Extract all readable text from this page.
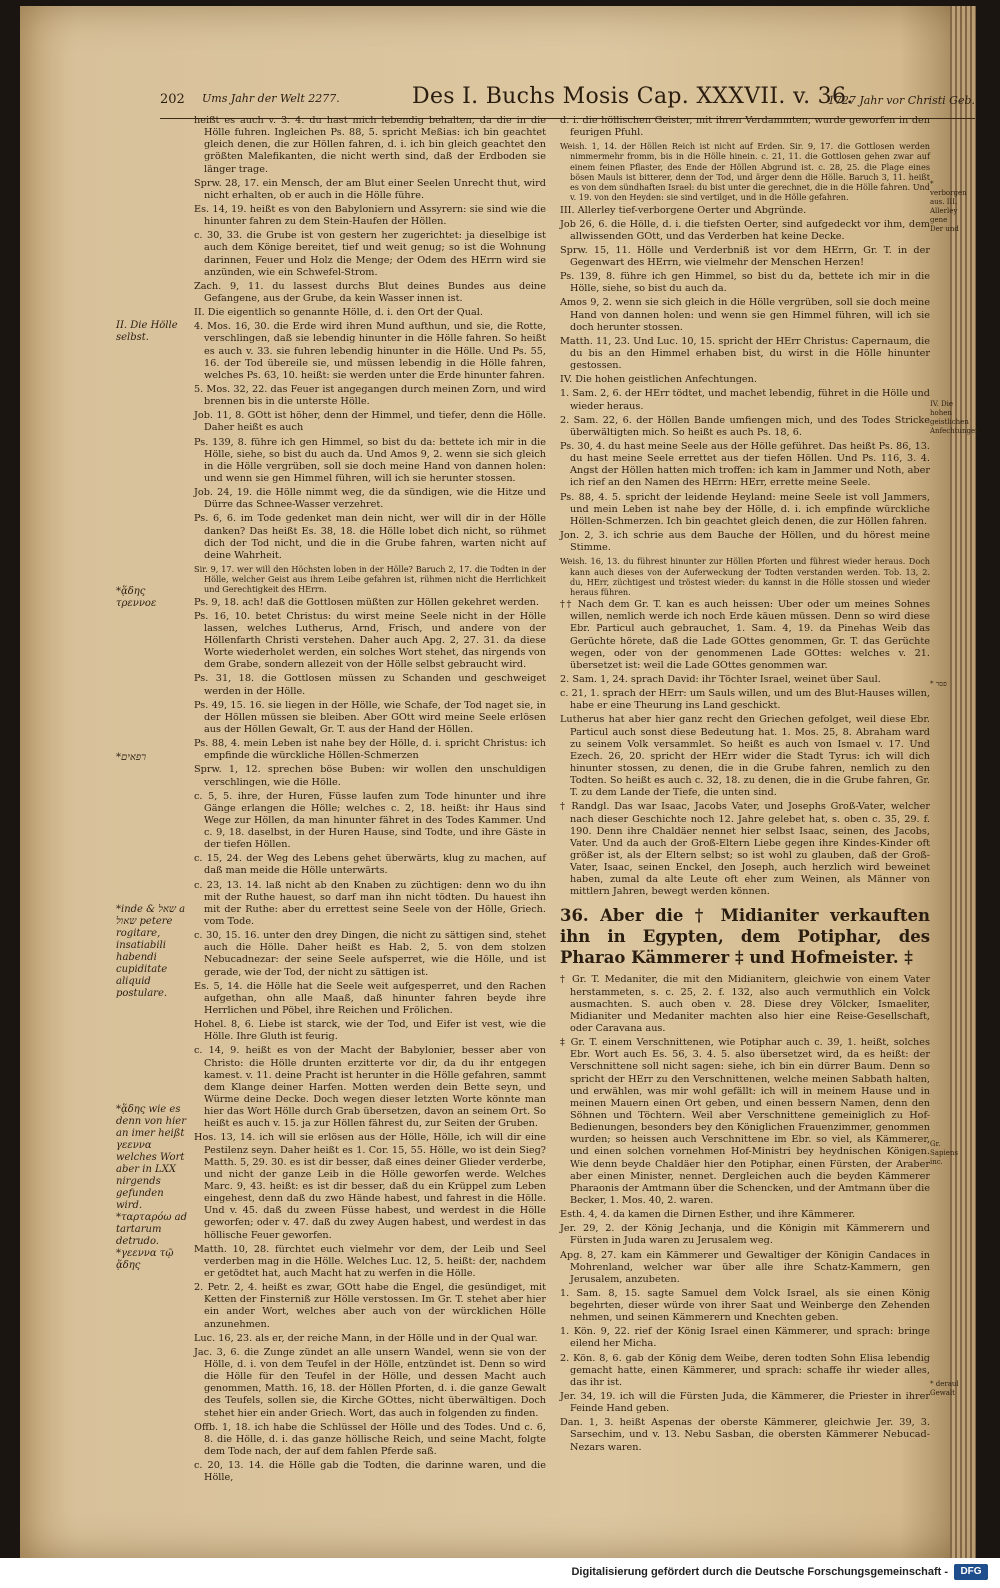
202 Ums Jahr der Welt 2277.	Des I. Buchs Mosis Cap. XXXVII. v. 36.
1727 Jahr vor Christi Geb.

heißt es auch v. 3. 4. du hast mich lebendig behalten, da die in die Hölle fuhren. Ingleichen Ps. 88, 5. spricht Meßias: ich bin geachtet gleich denen, die zur Höllen fahren, d. i. ich bin gleich geachtet den größten Malefikanten, die nicht werth sind, daß der Erdboden sie länger trage.

Sprw. 28, 17. ein Mensch, der am Blut einer Seelen Unrecht thut, wird nicht erhalten, ob er auch in die Hölle führe.

Es. 14, 19. heißt es von den Babyloniern und Assyrern: sie sind wie die hinunter fahren zu dem Stein-Haufen der Höllen.

c. 30, 33. die Grube ist von gestern her zugerichtet: ja dieselbige ist auch dem Könige bereitet, tief und weit genug; so ist die Wohnung darinnen, Feuer und Holz die Menge; der Odem des HErrn wird sie anzünden, wie ein Schwefel-Strom.

Zach. 9, 11. du lassest durchs Blut deines Bundes aus deine Gefangene, aus der Grube, da kein Wasser innen ist.

II. Die eigentlich so genannte Hölle, d. i. den Ort der Qual.

4. Mos. 16, 30. die Erde wird ihren Mund aufthun, und sie, die Rotte, verschlingen, daß sie lebendig hinunter in die Hölle fahren. So heißt es auch v. 33. sie fuhren lebendig hinunter in die Hölle. Und Ps. 55, 16. der Tod übereile sie, und müssen lebendig in die Hölle fahren, welches Ps. 63, 10. heißt: sie werden unter die Erde hinunter fahren.

5. Mos. 32, 22. das Feuer ist angegangen durch meinen Zorn, und wird brennen bis in die unterste Hölle.

Job. 11, 8. GOtt ist höher, denn der Himmel, und tiefer, denn die Hölle. Daher heißt es auch

Ps. 139, 8. führe ich gen Himmel, so bist du da: bettete ich mir in die Hölle, siehe, so bist du auch da. Und Amos 9, 2. wenn sie sich gleich in die Hölle vergrüben, soll sie doch meine Hand von dannen holen: und wenn sie gen Himmel führen, will ich sie herunter stossen.

Job. 24, 19. die Hölle nimmt weg, die da sündigen, wie die Hitze und Dürre das Schnee-Wasser verzehret.

Ps. 6, 6. im Tode gedenket man dein nicht, wer will dir in der Hölle danken? Das heißt Es. 38, 18. die Hölle lobet dich nicht, so rühmet dich der Tod nicht, und die in die Grube fahren, warten nicht auf deine Wahrheit.

Sir. 9, 17. wer will den Höchsten loben in der Hölle? Baruch 2, 17. die Todten in der Hölle, welcher Geist aus ihrem Leibe gefahren ist, rühmen nicht die Herrlichkeit und Gerechtigkeit des HErrn.

Ps. 9, 18. ach! daß die Gottlosen müßten zur Höllen gekehret werden.

Ps. 16, 10. betet Christus: du wirst meine Seele nicht in der Hölle lassen, welches Lutherus, Arnd, Frisch, und andere von der Höllenfarth Christi verstehen. Daher auch Apg. 2, 27. 31. da diese Worte wiederholet werden, ein solches Wort stehet, das nirgends von dem Grabe, sondern allezeit von der Hölle selbst gebraucht wird.

Ps. 31, 18. die Gottlosen müssen zu Schanden und geschweiget werden in der Hölle.

Ps. 49, 15. 16. sie liegen in der Hölle, wie Schafe, der Tod naget sie, in der Höllen müssen sie bleiben. Aber GOtt wird meine Seele erlösen aus der Höllen Gewalt, Gr. T. aus der Hand der Höllen.

Ps. 88, 4. mein Leben ist nahe bey der Hölle, d. i. spricht Christus: ich empfinde die würckliche Höllen-Schmerzen

Sprw. 1, 12. sprechen böse Buben: wir wollen den unschuldigen verschlingen, wie die Hölle.

c. 5, 5. ihre, der Huren, Füsse laufen zum Tode hinunter und ihre Gänge erlangen die Hölle; welches c. 2, 18. heißt: ihr Haus sind Wege zur Höllen, da man hinunter fähret in des Todes Kammer. Und c. 9, 18. daselbst, in der Huren Hause, sind Todte, und ihre Gäste in der tiefen Höllen.

c. 15, 24. der Weg des Lebens gehet überwärts, klug zu machen, auf daß man meide die Hölle unterwärts.

c. 23, 13. 14. laß nicht ab den Knaben zu züchtigen: denn wo du ihn mit der Ruthe hauest, so darf man ihn nicht tödten. Du hauest ihn mit der Ruthe: aber du errettest seine Seele von der Hölle, Griech. vom Tode.

c. 30, 15. 16. unter den drey Dingen, die nicht zu sättigen sind, stehet auch die Hölle. Daher heißt es Hab. 2, 5. von dem stolzen Nebucadnezar: der seine Seele aufsperret, wie die Hölle, und ist gerade, wie der Tod, der nicht zu sättigen ist.

Es. 5, 14. die Hölle hat die Seele weit aufgesperret, und den Rachen aufgethan, ohn alle Maaß, daß hinunter fahren beyde ihre Herrlichen und Pöbel, ihre Reichen und Frölichen.

Hohel. 8, 6. Liebe ist starck, wie der Tod, und Eifer ist vest, wie die Hölle. Ihre Gluth ist feurig.

c. 14, 9. heißt es von der Macht der Babylonier, besser aber von Christo: die Hölle drunten erzitterte vor dir, da du ihr entgegen kamest. v. 11. deine Pracht ist herunter in die Hölle gefahren, sammt dem Klange deiner Harfen. Motten werden dein Bette seyn, und Würme deine Decke. Doch wegen dieser letzten Worte könnte man hier das Wort Hölle durch Grab übersetzen, davon an seinem Ort. So heißt es auch v. 15. ja zur Höllen fährest du, zur Seiten der Gruben.

Hos. 13, 14. ich will sie erlösen aus der Hölle, Hölle, ich will dir eine Pestilenz seyn. Daher heißt es 1. Cor. 15, 55. Hölle, wo ist dein Sieg? Matth. 5, 29. 30. es ist dir besser, daß eines deiner Glieder verderbe, und nicht der ganze Leib in die Hölle geworfen werde. Welches Marc. 9, 43. heißt: es ist dir besser, daß du ein Krüppel zum Leben eingehest, denn daß du zwo Hände habest, und fahrest in die Hölle. Und v. 45. daß du zween Füsse habest, und werdest in die Hölle geworfen; oder v. 47. daß du zwey Augen habest, und werdest in das höllische Feuer geworfen.

Matth. 10, 28. fürchtet euch vielmehr vor dem, der Leib und Seel verderben mag in die Hölle. Welches Luc. 12, 5. heißt: der, nachdem er getödtet hat, auch Macht hat zu werfen in die Hölle.

2. Petr. 2, 4. heißt es zwar, GOtt habe die Engel, die gesündiget, mit Ketten der Finsterniß zur Hölle verstossen. Im Gr. T. stehet aber hier ein ander Wort, welches aber auch von der würcklichen Hölle anzunehmen.

Luc. 16, 23. als er, der reiche Mann, in der Hölle und in der Qual war.

Jac. 3, 6. die Zunge zündet an alle unsern Wandel, wenn sie von der Hölle, d. i. von dem Teufel in der Hölle, entzündet ist. Denn so wird die Hölle für den Teufel in der Hölle, und dessen Macht auch genommen, Matth. 16, 18. der Höllen Pforten, d. i. die ganze Gewalt des Teufels, sollen sie, die Kirche GOttes, nicht überwältigen. Doch stehet hier ein ander Griech. Wort, das auch in folgenden zu finden.

Offb. 1, 18. ich habe die Schlüssel der Hölle und des Todes. Und c. 6, 8. die Hölle, d. i. das ganze höllische Reich, und seine Macht, folgte dem Tode nach, der auf dem fahlen Pferde saß.

c. 20, 13. 14. die Hölle gab die Todten, die darinne waren, und die Hölle,

d. i. die höllischen Geister, mit ihren Verdammten, wurde geworfen in den feurigen Pfuhl.

Weish. 1, 14. der Höllen Reich ist nicht auf Erden. Sir. 9, 17. die Gottlosen werden nimmermehr fromm, bis in die Hölle hinein. c. 21, 11. die Gottlosen gehen zwar auf einem feinen Pflaster, des Ende der Höllen Abgrund ist. c. 28, 25. die Plage eines bösen Mauls ist bitterer, denn der Tod, und ärger denn die Hölle. Baruch 3, 11. heißt es von dem sündhaften Israel: du bist unter die gerechnet, die in die Hölle fahren. Und v. 19. von den Heyden: sie sind vertilget, und in die Hölle gefahren.

III. Allerley tief-verborgene Oerter und Abgründe.

Job 26, 6. die Hölle, d. i. die tiefsten Oerter, sind aufgedeckt vor ihm, dem allwissenden GOtt, und das Verderben hat keine Decke.

Sprw. 15, 11. Hölle und Verderbniß ist vor dem HErrn, Gr. T. in der Gegenwart des HErrn, wie vielmehr der Menschen Herzen!

Ps. 139, 8. führe ich gen Himmel, so bist du da, bettete ich mir in die Hölle, siehe, so bist du auch da.

Amos 9, 2. wenn sie sich gleich in die Hölle vergrüben, soll sie doch meine Hand von dannen holen: und wenn sie gen Himmel führen, will ich sie doch herunter stossen.

Matth. 11, 23. Und Luc. 10, 15. spricht der HErr Christus: Capernaum, die du bis an den Himmel erhaben bist, du wirst in die Hölle hinunter gestossen.

IV. Die hohen geistlichen Anfechtungen.

1. Sam. 2, 6. der HErr tödtet, und machet lebendig, führet in die Hölle und wieder heraus.

2. Sam. 22, 6. der Höllen Bande umfiengen mich, und des Todes Stricke überwältigten mich. So heißt es auch Ps. 18, 6.

Ps. 30, 4. du hast meine Seele aus der Hölle geführet. Das heißt Ps. 86, 13. du hast meine Seele errettet aus der tiefen Höllen. Und Ps. 116, 3. 4. Angst der Höllen hatten mich troffen: ich kam in Jammer und Noth, aber ich rief an den Namen des HErrn: HErr, errette meine Seele.

Ps. 88, 4. 5. spricht der leidende Heyland: meine Seele ist voll Jammers, und mein Leben ist nahe bey der Hölle, d. i. ich empfinde würckliche Höllen-Schmerzen. Ich bin geachtet gleich denen, die zur Höllen fahren.

Jon. 2, 3. ich schrie aus dem Bauche der Höllen, und du hörest meine Stimme.

Weish. 16, 13. du führest hinunter zur Höllen Pforten und führest wieder heraus. Doch kann auch dieses von der Auferweckung der Todten verstanden werden. Tob. 13, 2. du, HErr, züchtigest und tröstest wieder: du kannst in die Hölle stossen und wieder heraus führen.

†† Nach dem Gr. T. kan es auch heissen: Uber oder um meines Sohnes willen, nemlich werde ich noch Erde käuen müssen. Denn so wird diese Ebr. Particul auch gebrauchet, 1. Sam. 4, 19. da Pinehas Weib das Gerüchte hörete, daß die Lade GOttes genommen, Gr. T. das Gerüchte wegen, oder von der genommenen Lade GOttes: welches v. 21. übersetzet ist: weil die Lade GOttes genommen war.

2. Sam. 1, 24. sprach David: ihr Töchter Israel, weinet über Saul.

c. 21, 1. sprach der HErr: um Sauls willen, und um des Blut-Hauses willen, habe er eine Theurung ins Land geschickt.

Lutherus hat aber hier ganz recht den Griechen gefolget, weil diese Ebr. Particul auch sonst diese Bedeutung hat. 1. Mos. 25, 8. Abraham ward zu seinem Volk versammlet. So heißt es auch von Ismael v. 17. Und Ezech. 26, 20. spricht der HErr wider die Stadt Tyrus: ich will dich hinunter stossen, zu denen, die in die Grube fahren, nemlich zu den Todten. So heißt es auch c. 32, 18. zu denen, die in die Grube fahren, Gr. T. zu dem Lande der Tiefe, die unten sind.

† Randgl. Das war Isaac, Jacobs Vater, und Josephs Groß-Vater, welcher nach dieser Geschichte noch 12. Jahre gelebet hat, s. oben c. 35, 29. f. 190. Denn ihre Chaldäer nennet hier selbst Isaac, seinen, des Jacobs, Vater. Und da auch der Groß-Eltern Liebe gegen ihre Kindes-Kinder oft größer ist, als der Eltern selbst; so ist wohl zu glauben, daß der Groß-Vater, Isaac, seinen Enckel, den Joseph, auch herzlich wird beweinet haben, zumal da alte Leute oft eher zum Weinen, als Männer von mittlern Jahren, bewegt werden können.

36. Aber die † Midianiter verkauften ihn in Egypten, dem Potiphar, des Pharao Kämmerer ‡ und Hofmeister. ‡

† Gr. T. Medaniter, die mit den Midianitern, gleichwie von einem Vater herstammeten, s. c. 25, 2. f. 132, also auch vermuthlich ein Volck ausmachten. S. auch oben v. 28. Diese drey Völcker, Ismaeliter, Midianiter und Medaniter machten also hier eine Reise-Gesellschaft, oder Caravana aus.

‡ Gr. T. einem Verschnittenen, wie Potiphar auch c. 39, 1. heißt, solches Ebr. Wort auch Es. 56, 3. 4. 5. also übersetzet wird, da es heißt: der Verschnittene soll nicht sagen: siehe, ich bin ein dürrer Baum. Denn so spricht der HErr zu den Verschnittenen, welche meinen Sabbath halten, und erwählen, was mir wohl gefällt: ich will in meinem Hause und in meinen Mauern einen Ort geben, und einen bessern Namen, denn den Söhnen und Töchtern. Weil aber Verschnittene gemeiniglich zu Hof-Bedienungen, besonders bey den Königlichen Frauenzimmer, genommen wurden; so heissen auch Verschnittene im Ebr. so viel, als Kämmerer, und einen solchen vornehmen Hof-Ministri bey heydnischen Königen. Wie denn beyde Chaldäer hier den Potiphar, einen Fürsten, der Araber aber einen Minister, nennet. Dergleichen auch die beyden Kämmerer Pharaonis der Amtmann über die Schencken, und der Amtmann über die Becker, 1. Mos. 40, 2. waren.

Esth. 4, 4. da kamen die Dirnen Esther, und ihre Kämmerer.

Jer. 29, 2. der König Jechanja, und die Königin mit Kämmerern und Fürsten in Juda waren zu Jerusalem weg.

Apg. 8, 27. kam ein Kämmerer und Gewaltiger der Königin Candaces in Mohrenland, welcher war über alle ihre Schatz-Kammern, gen Jerusalem, anzubeten.

1. Sam. 8, 15. sagte Samuel dem Volck Israel, als sie einen König begehrten, dieser würde von ihrer Saat und Weinberge den Zehenden nehmen, und seinen Kämmerern und Knechten geben.

1. Kön. 9, 22. rief der König Israel einen Kämmerer, und sprach: bringe eilend her Micha.

2. Kön. 8, 6. gab der König dem Weibe, deren todten Sohn Elisa lebendig gemacht hatte, einen Kämmerer, und sprach: schaffe ihr wieder alles, das ihr ist.

Jer. 34, 19. ich will die Fürsten Juda, die Kämmerer, die Priester in ihrer Feinde Hand geben.

Dan. 1, 3. heißt Aspenas der oberste Kämmerer, gleichwie Jer. 39, 3. Sarsechim, und v. 13. Nebu Sasban, die obersten Kämmerer Nebucad-Nezars waren.

II. Die Hölle selbst.
*ᾅδης τρεννοε
*רפאים
*inde & שאל a שאול petere rogitare, insatiabili habendi cupiditate aliquid postulare.
*ᾅδης wie es denn von hier an imer heißt γεεννα welches Wort aber in LXX nirgends gefunden wird. *ταρταρόω ad tartarum detrudo. *γεεννα τῷ ᾅδης
* verborgen aus. III. Allerley gene Der und
IV. Die hohen geistlichen Anfechtungen
* פסר
Gr. Sapiens inc.
* deraul Gewalt
Digitalisierung gefördert durch die Deutsche Forschungsgemeinschaft -	DFG
